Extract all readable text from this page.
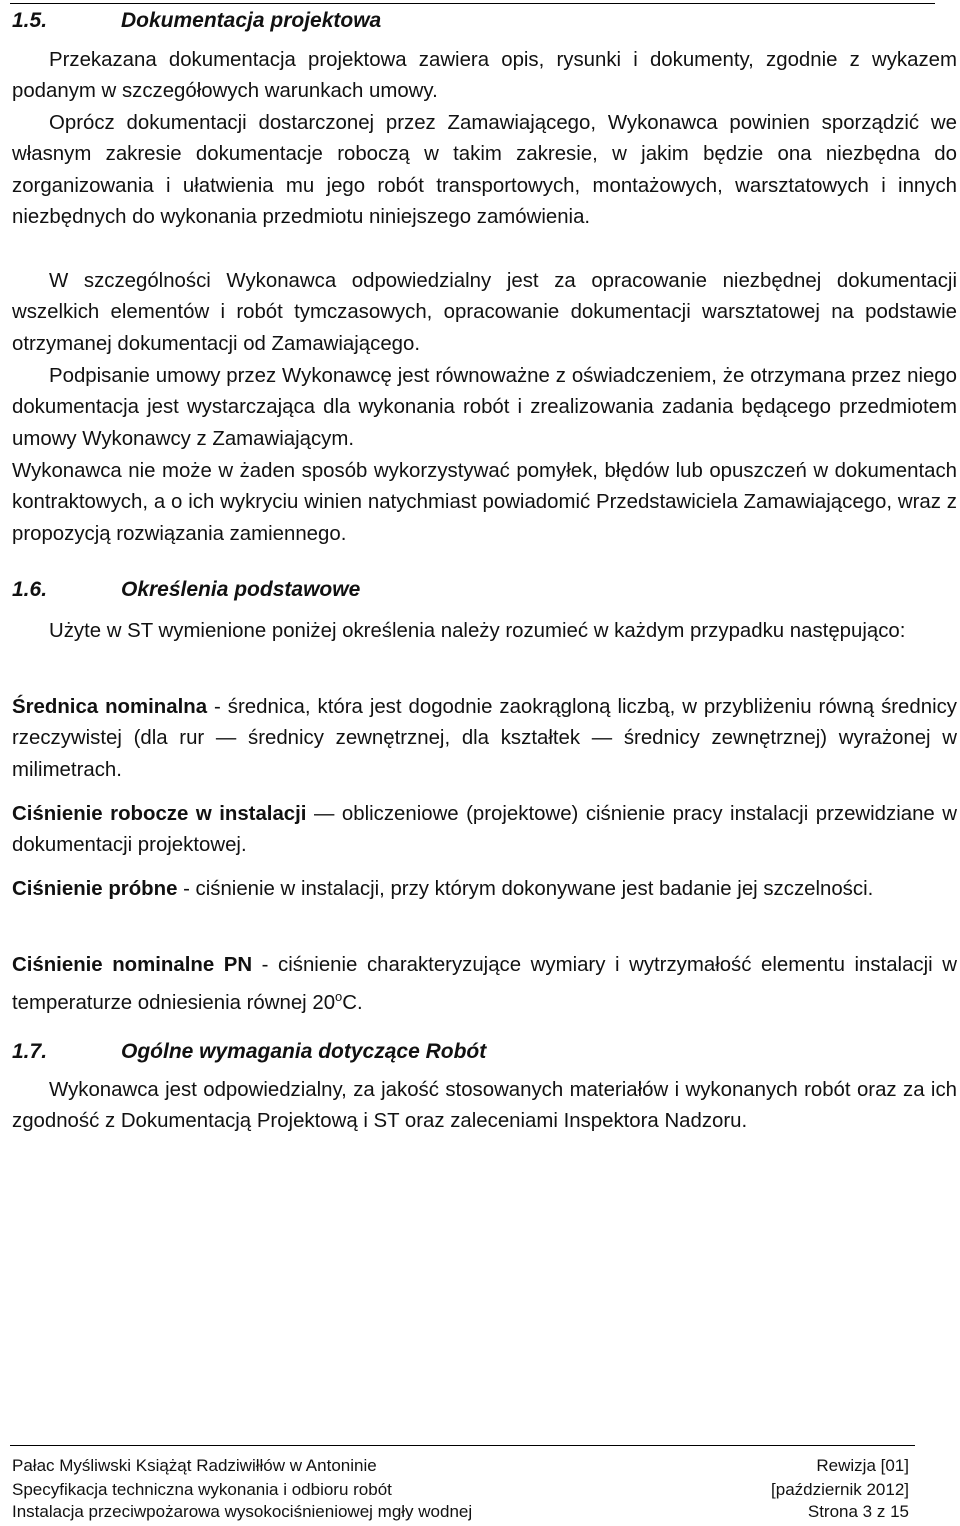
1.5.	Dokumentacja projektowa

Przekazana dokumentacja projektowa zawiera opis, rysunki i dokumenty, zgodnie z wykazem podanym w szczegółowych warunkach umowy.

Oprócz dokumentacji dostarczonej przez Zamawiającego, Wykonawca powinien sporządzić we własnym zakresie dokumentacje roboczą w takim zakresie, w jakim będzie ona niezbędna do zorganizowania i ułatwienia mu jego robót transportowych, montażowych, warsztatowych i innych niezbędnych do wykonania przedmiotu niniejszego zamówienia.

W szczególności Wykonawca odpowiedzialny jest za opracowanie niezbędnej dokumentacji wszelkich elementów i robót tymczasowych, opracowanie dokumentacji warsztatowej na podstawie otrzymanej dokumentacji od Zamawiającego.

Podpisanie umowy przez Wykonawcę jest równoważne z oświadczeniem, że otrzymana przez niego dokumentacja jest wystarczająca dla wykonania robót i zrealizowania zadania będącego przedmiotem umowy Wykonawcy z Zamawiającym.

Wykonawca nie może w żaden sposób wykorzystywać pomyłek, błędów lub opuszczeń w dokumentach kontraktowych, a o ich wykryciu winien natychmiast powiadomić Przedstawiciela Zamawiającego, wraz z propozycją rozwiązania zamiennego.

1.6.	Określenia podstawowe

Użyte w ST wymienione poniżej określenia należy rozumieć w każdym przypadku następująco:

Średnica nominalna - średnica, która jest dogodnie zaokrągloną liczbą, w przybliżeniu równą średnicy rzeczywistej (dla rur — średnicy zewnętrznej, dla kształtek — średnicy zewnętrznej) wyrażonej w milimetrach.

Ciśnienie robocze w instalacji — obliczeniowe (projektowe) ciśnienie pracy instalacji przewidziane w dokumentacji projektowej.

Ciśnienie próbne - ciśnienie w instalacji, przy którym dokonywane jest badanie jej szczelności.

Ciśnienie nominalne PN - ciśnienie charakteryzujące wymiary i wytrzymałość elementu instalacji w temperaturze odniesienia równej 20$^o$C.

1.7.	Ogólne wymagania dotyczące Robót

Wykonawca jest odpowiedzialny, za jakość stosowanych materiałów i wykonanych robót oraz za ich zgodność z Dokumentacją Projektową i ST oraz zaleceniami Inspektora Nadzoru.

Pałac Myśliwski Książąt Radziwiłłów w Antoninie	Rewizja [01]
Specyfikacja techniczna wykonania i odbioru robót	[październik 2012]
Instalacja przeciwpożarowa wysokociśnieniowej mgły wodnej	Strona 3 z 15
